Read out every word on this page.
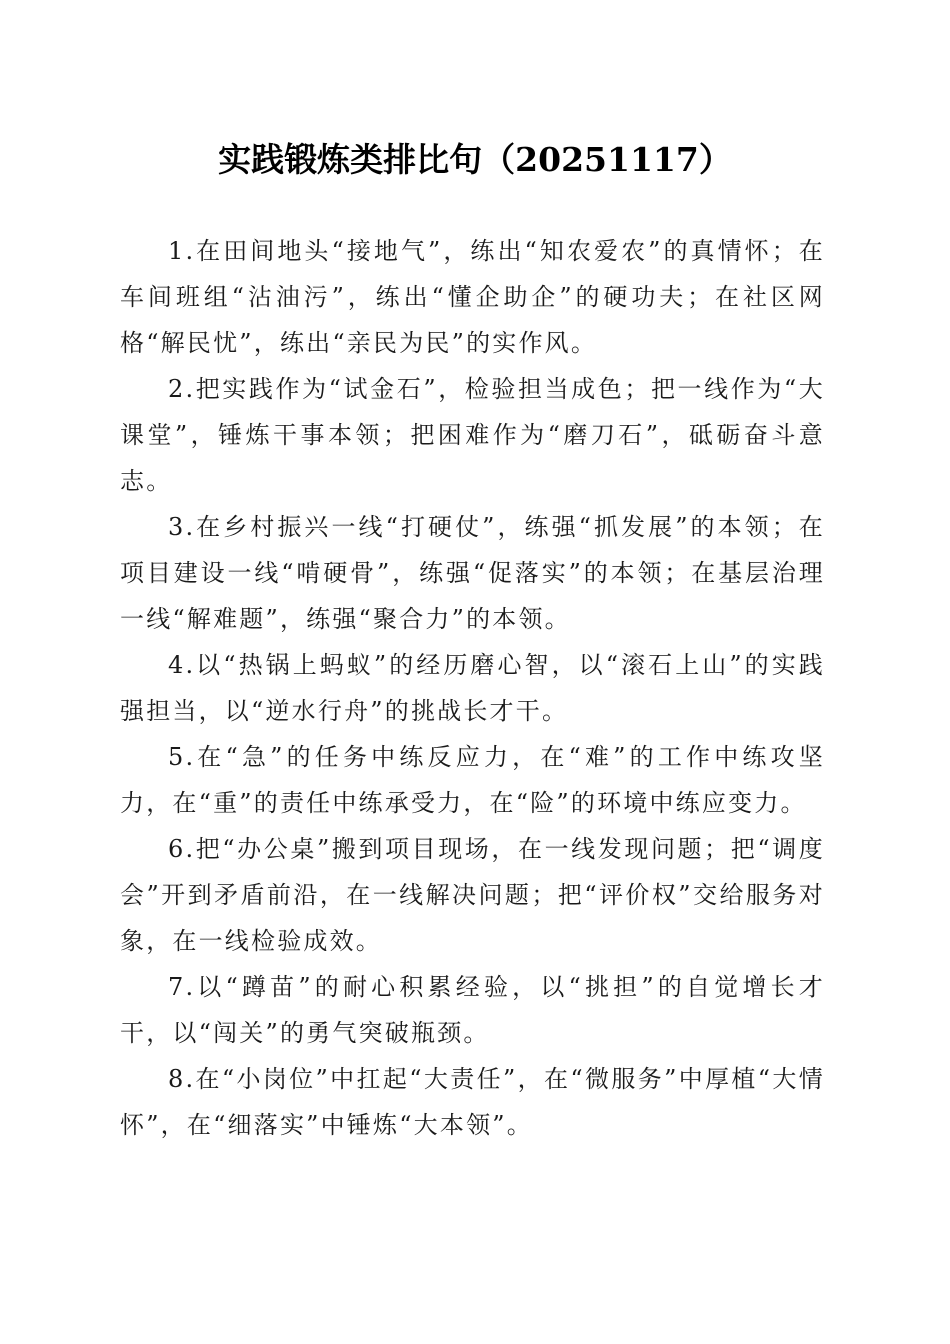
实践锻炼类排比句（20251117）

1.在田间地头“接地气”，练出“知农爱农”的真情怀；在车间班组“沾油污”，练出“懂企助企”的硬功夫；在社区网格“解民忧”，练出“亲民为民”的实作风。

2.把实践作为“试金石”，检验担当成色；把一线作为“大课堂”，锤炼干事本领；把困难作为“磨刀石”，砥砺奋斗意志。

3.在乡村振兴一线“打硬仗”，练强“抓发展”的本领；在项目建设一线“啃硬骨”，练强“促落实”的本领；在基层治理一线“解难题”，练强“聚合力”的本领。

4.以“热锅上蚂蚁”的经历磨心智，以“滚石上山”的实践强担当，以“逆水行舟”的挑战长才干。

5.在“急”的任务中练反应力，在“难”的工作中练攻坚力，在“重”的责任中练承受力，在“险”的环境中练应变力。

6.把“办公桌”搬到项目现场，在一线发现问题；把“调度会”开到矛盾前沿，在一线解决问题；把“评价权”交给服务对象，在一线检验成效。

7.以“蹲苗”的耐心积累经验，以“挑担”的自觉增长才干，以“闯关”的勇气突破瓶颈。

8.在“小岗位”中扛起“大责任”，在“微服务”中厚植“大情怀”，在“细落实”中锤炼“大本领”。
